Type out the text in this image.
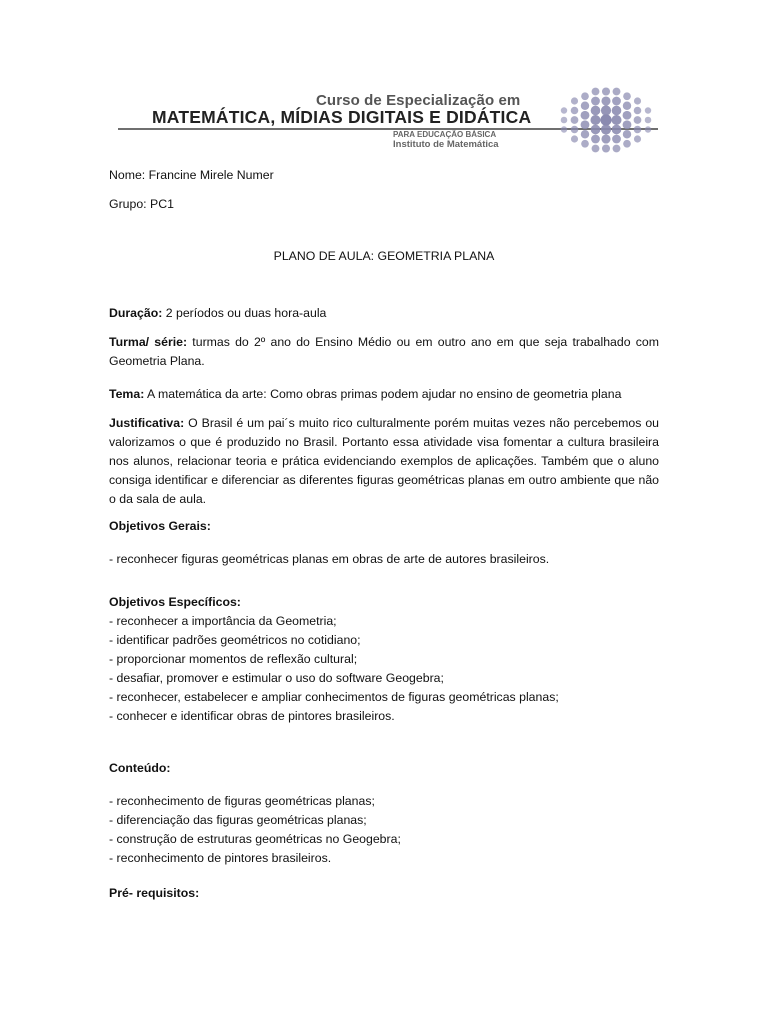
Curso de Especialização em
MATEMÁTICA, MÍDIAS DIGITAIS E DIDÁTICA
PARA EDUCAÇÃO BÁSICA
Instituto de Matemática

Nome: Francine Mirele Numer

Grupo: PC1

PLANO DE AULA: GEOMETRIA PLANA

Duração: 2 períodos ou duas hora-aula

Turma/ série: turmas do 2º ano do Ensino Médio ou em outro ano em que seja trabalhado com Geometria Plana.

Tema: A matemática da arte: Como obras primas podem ajudar no ensino de geometria plana

Justificativa: O Brasil é um pai´s muito rico culturalmente porém muitas vezes não percebemos ou valorizamos o que é produzido no Brasil. Portanto essa atividade visa fomentar a cultura brasileira nos alunos, relacionar teoria e prática evidenciando exemplos de aplicações. Também que o aluno consiga identificar e diferenciar as diferentes figuras geométricas planas em outro ambiente que não o da sala de aula.

Objetivos Gerais:

- reconhecer figuras geométricas planas em obras de arte de autores brasileiros.

Objetivos Específicos:

- reconhecer a importância da Geometria;
- identificar padrões geométricos no cotidiano;
- proporcionar momentos de reflexão cultural;
- desafiar, promover e estimular o uso do software Geogebra;
- reconhecer, estabelecer e ampliar conhecimentos de figuras geométricas planas;
- conhecer e identificar obras de pintores brasileiros.

Conteúdo:

- reconhecimento de figuras geométricas planas;
- diferenciação das figuras geométricas planas;
- construção de estruturas geométricas no Geogebra;
- reconhecimento de pintores brasileiros.

Pré- requisitos:
